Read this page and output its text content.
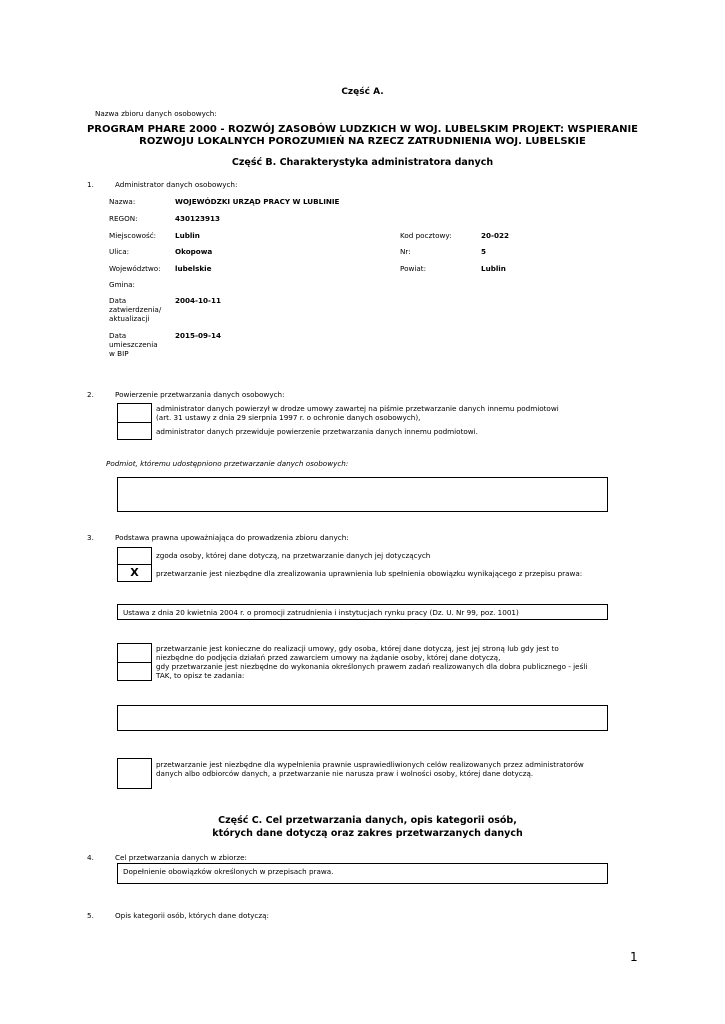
Część A.
Nazwa zbioru danych osobowych:
PROGRAM PHARE 2000 - ROZWÓJ ZASOBÓW LUDZKICH W WOJ. LUBELSKIM PROJEKT: WSPIERANIE
ROZWOJU LOKALNYCH POROZUMIEŃ NA RZECZ ZATRUDNIENIA WOJ. LUBELSKIE
Część B. Charakterystyka administratora danych
1.	Administrator danych osobowych:
Nazwa:	WOJEWÓDZKI URZĄD PRACY W LUBLINIE
REGON:	430123913
Miejscowość:	Lublin	Kod pocztowy:	20-022
Ulica:	Okopowa	Nr:	5
Województwo: lubelskie	Powiat:	Lublin
Gmina:
Data
zatwierdzenia/
aktualizacji
2004-10-11
Data
umieszczenia
w BIP
2015-09-14
2.	Powierzenie przetwarzania danych osobowych:
administrator danych powierzył w drodze umowy zawartej na piśmie przetwarzanie danych innemu podmiotowi
(art. 31 ustawy z dnia 29 sierpnia 1997 r. o ochronie danych osobowych),
administrator danych przewiduje powierzenie przetwarzania danych innemu podmiotowi.
Podmiot, któremu udostępniono przetwarzanie danych osobowych:
3.	Podstawa prawna upoważniająca do prowadzenia zbioru danych:
X
zgoda osoby, której dane dotyczą, na przetwarzanie danych jej dotyczących
przetwarzanie jest niezbędne dla zrealizowania uprawnienia lub spełnienia obowiązku wynikającego z przepisu prawa:
Ustawa z dnia 20 kwietnia 2004 r. o promocji zatrudnienia i instytucjach rynku pracy (Dz. U. Nr 99, poz. 1001)
przetwarzanie jest konieczne do realizacji umowy, gdy osoba, której dane dotyczą, jest jej stroną lub gdy jest to
niezbędne do podjęcia działań przed zawarciem umowy na żądanie osoby, której dane dotyczą,
gdy przetwarzanie jest niezbędne do wykonania określonych prawem zadań realizowanych dla dobra publicznego - jeśli
TAK, to opisz te zadania:
przetwarzanie jest niezbędne dla wypełnienia prawnie usprawiedliwionych celów realizowanych przez administratorów
danych albo odbiorców danych, a przetwarzanie nie narusza praw i wolności osoby, której dane dotyczą.
Część C. Cel przetwarzania danych, opis kategorii osób,
których dane dotyczą oraz zakres przetwarzanych danych
4.	Cel przetwarzania danych w zbiorze:
Dopełnienie obowiązków określonych w przepisach prawa.
5.	Opis kategorii osób, których dane dotyczą:
1
